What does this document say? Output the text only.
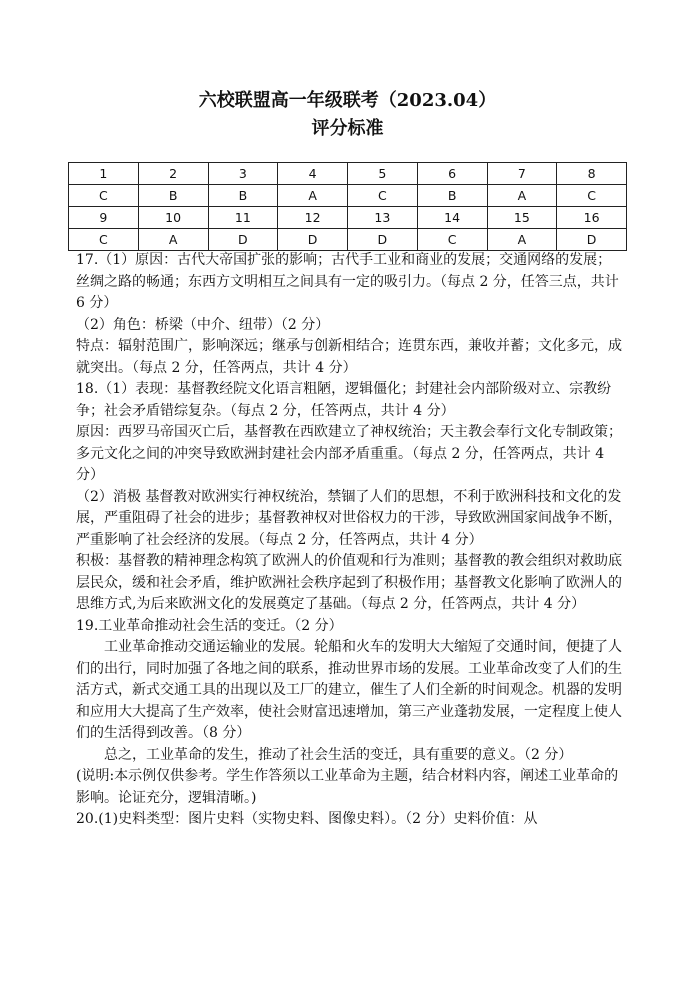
六校联盟高一年级联考（2023.04）
评分标准
1	2	3	4	5	6	7	8
C	B	B	A	C	B	A	C
9	10	11	12	13	14	15	16
C	A	D	D	D	C	A	D

17.（1）原因：古代大帝国扩张的影响；古代手工业和商业的发展；交通网络的发展；丝绸之路的畅通；东西方文明相互之间具有一定的吸引力。（每点 2 分，任答三点，共计 6 分）

（2）角色：桥梁（中介、纽带）（2 分）

特点：辐射范围广，影响深远；继承与创新相结合；连贯东西，兼收并蓄；文化多元，成就突出。（每点 2 分，任答两点，共计 4 分）

18.（1）表现：基督教经院文化语言粗陋，逻辑僵化；封建社会内部阶级对立、宗教纷争；社会矛盾错综复杂。（每点 2 分，任答两点，共计 4 分）

原因：西罗马帝国灭亡后，基督教在西欧建立了神权统治；天主教会奉行文化专制政策；多元文化之间的冲突导致欧洲封建社会内部矛盾重重。（每点 2 分，任答两点，共计 4 分）

（2）消极 基督教对欧洲实行神权统治，禁锢了人们的思想，不利于欧洲科技和文化的发展，严重阻碍了社会的进步；基督教神权对世俗权力的干涉，导致欧洲国家间战争不断，严重影响了社会经济的发展。（每点 2 分，任答两点，共计 4 分）

积极：基督教的精神理念构筑了欧洲人的价值观和行为准则；基督教的教会组织对救助底层民众，缓和社会矛盾，维护欧洲社会秩序起到了积极作用；基督教文化影响了欧洲人的思维方式,为后来欧洲文化的发展奠定了基础。（每点 2 分，任答两点，共计 4 分）

19.工业革命推动社会生活的变迁。（2 分）

工业革命推动交通运输业的发展。轮船和火车的发明大大缩短了交通时间，便捷了人们的出行，同时加强了各地之间的联系，推动世界市场的发展。工业革命改变了人们的生活方式，新式交通工具的出现以及工厂的建立，催生了人们全新的时间观念。机器的发明和应用大大提高了生产效率，使社会财富迅速增加，第三产业蓬勃发展，一定程度上使人们的生活得到改善。（8 分）

总之，工业革命的发生，推动了社会生活的变迁，具有重要的意义。（2 分）

(说明:本示例仅供参考。学生作答须以工业革命为主题，结合材料内容，阐述工业革命的影响。论证充分，逻辑清晰。)

20.(1)史料类型：图片史料（实物史料、图像史料）。（2 分）史料价值：从
